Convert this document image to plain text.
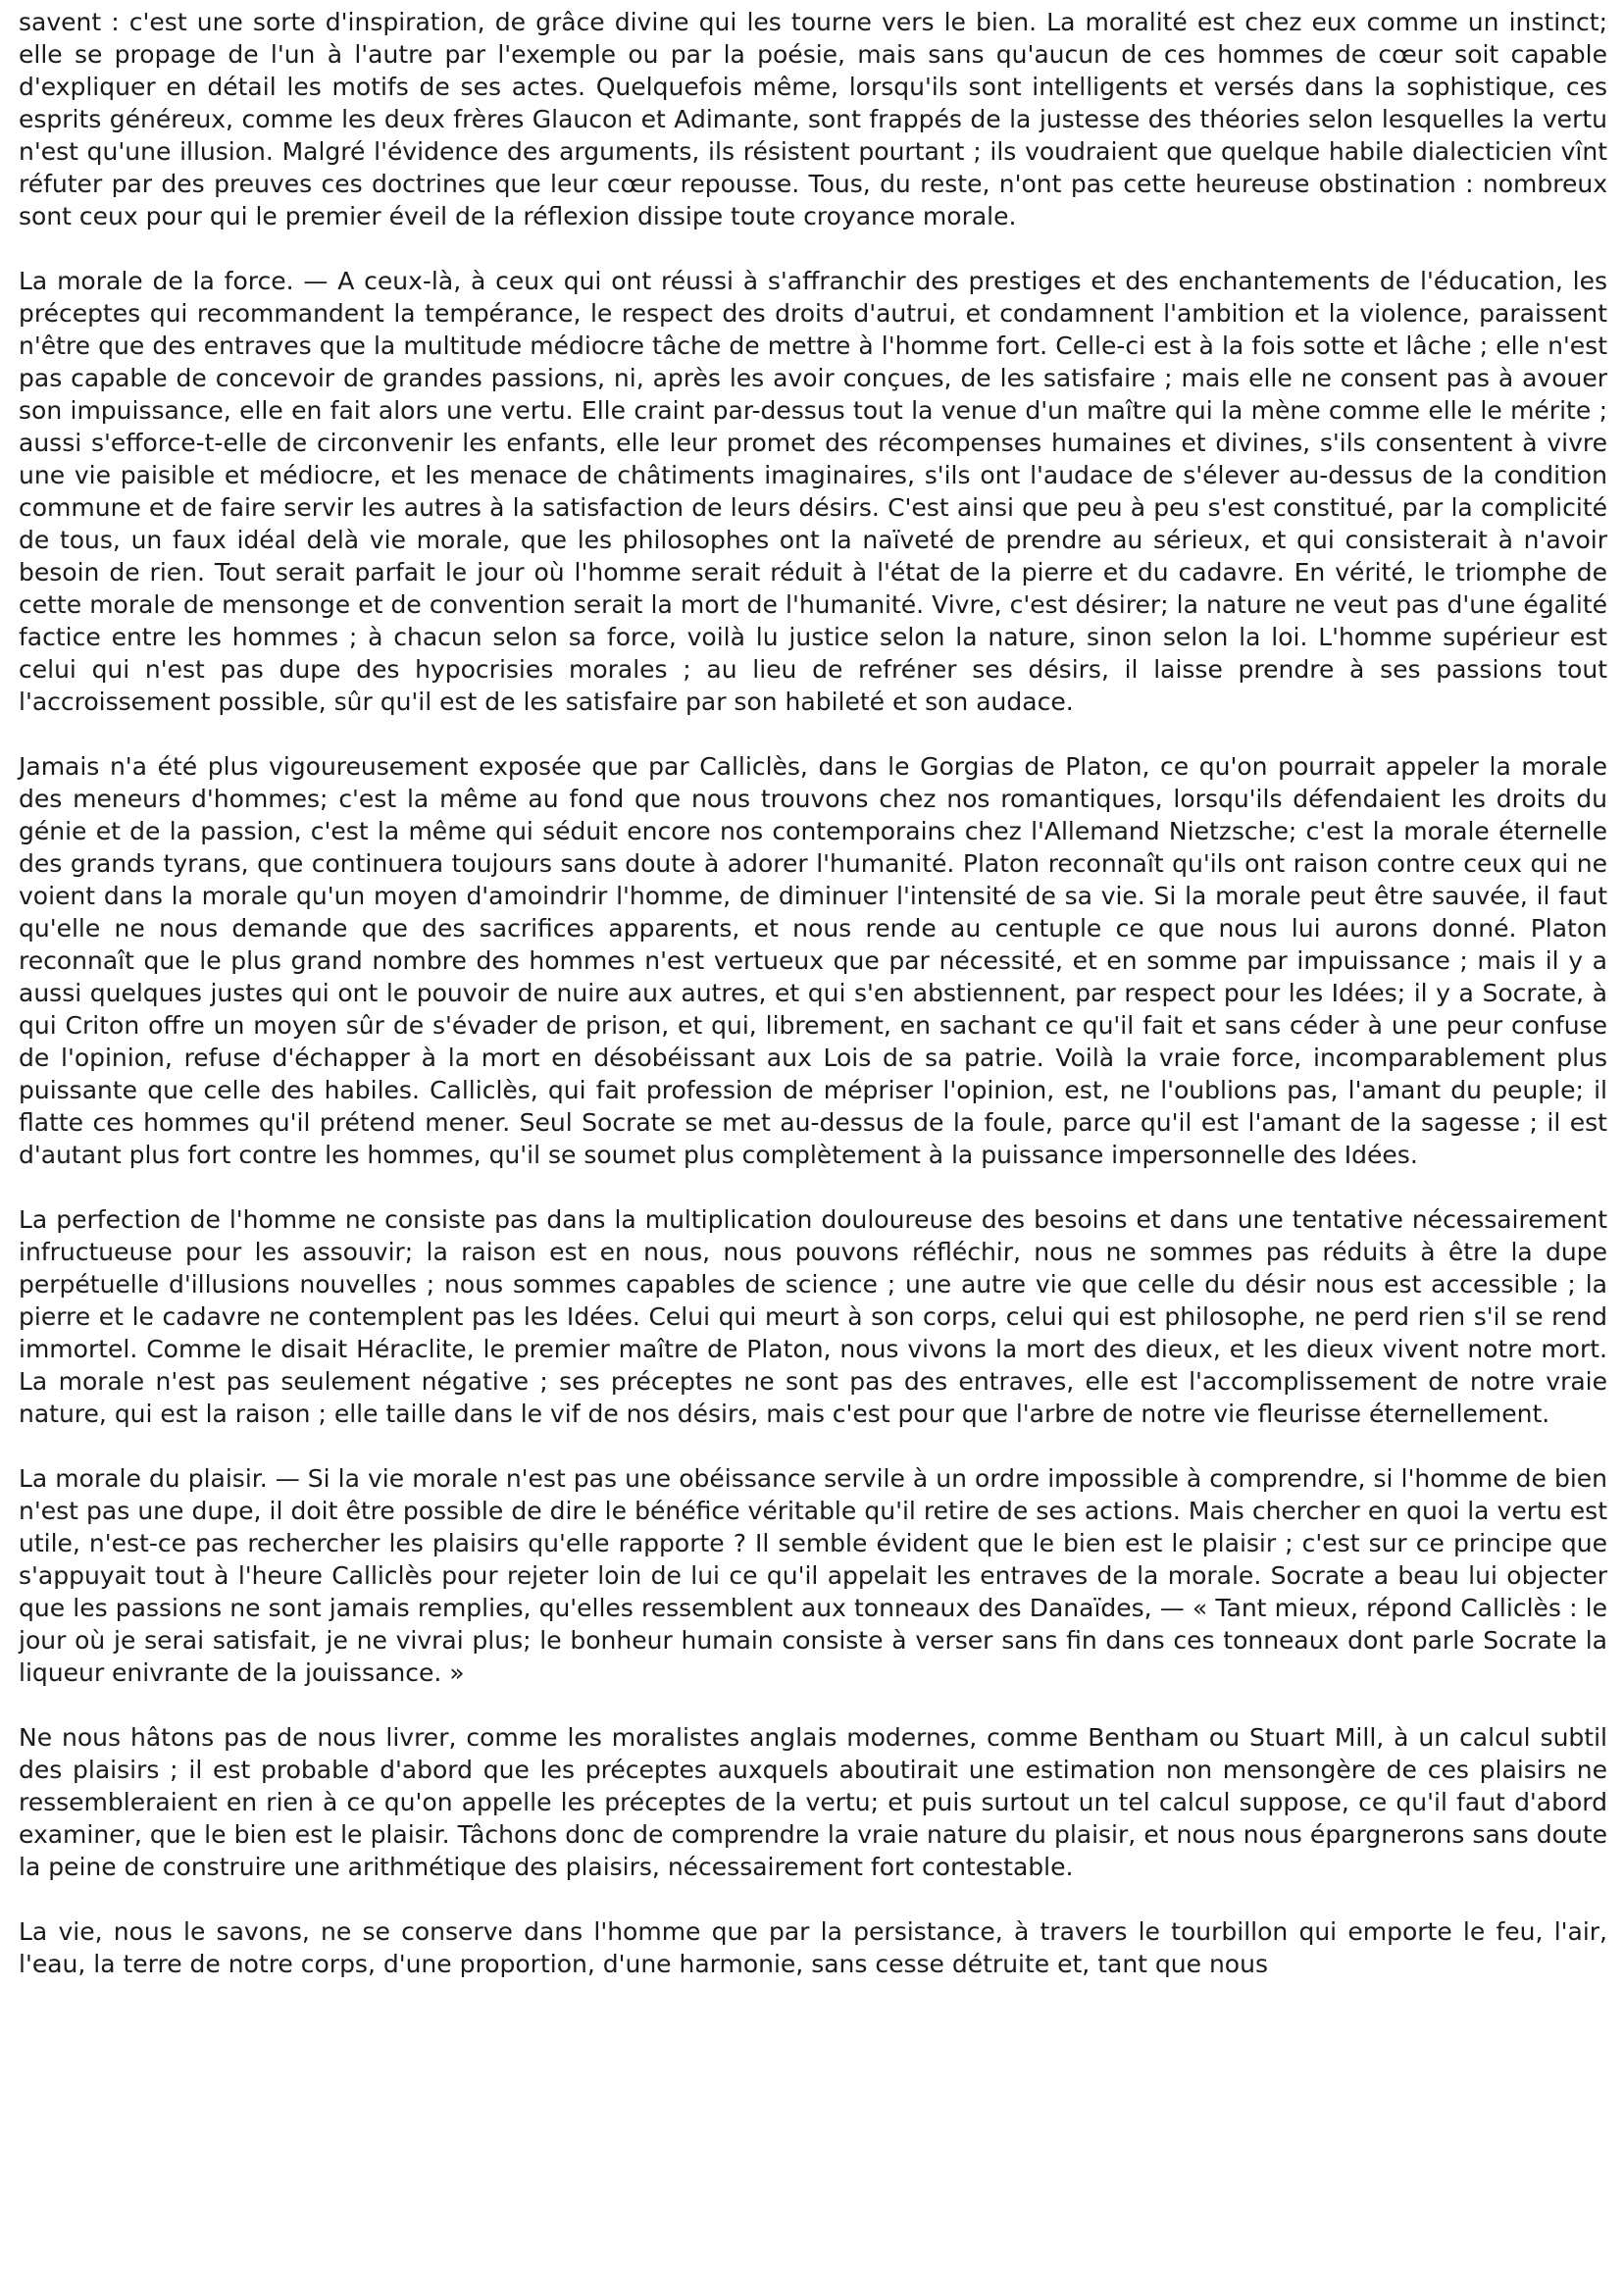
savent : c'est une sorte d'inspiration, de grâce divine qui les tourne vers le bien. La moralité est chez eux comme un instinct; elle se propage de l'un à l'autre par l'exemple ou par la poésie, mais sans qu'aucun de ces hommes de cœur soit capable d'expliquer en détail les motifs de ses actes. Quelquefois même, lorsqu'ils sont intelligents et versés dans la sophistique, ces esprits généreux, comme les deux frères Glaucon et Adimante, sont frappés de la justesse des théories selon lesquelles la vertu n'est qu'une illusion. Malgré l'évidence des arguments, ils résistent pourtant ; ils voudraient que quelque habile dialecticien vînt réfuter par des preuves ces doctrines que leur cœur repousse. Tous, du reste, n'ont pas cette heureuse obstination : nombreux sont ceux pour qui le premier éveil de la réflexion dissipe toute croyance morale.

La morale de la force. — A ceux-là, à ceux qui ont réussi à s'affranchir des prestiges et des enchantements de l'éducation, les préceptes qui recommandent la tempérance, le respect des droits d'autrui, et condamnent l'ambition et la violence, paraissent n'être que des entraves que la multitude médiocre tâche de mettre à l'homme fort. Celle-ci est à la fois sotte et lâche ; elle n'est pas capable de concevoir de grandes passions, ni, après les avoir conçues, de les satisfaire ; mais elle ne consent pas à avouer son impuissance, elle en fait alors une vertu. Elle craint par-dessus tout la venue d'un maître qui la mène comme elle le mérite ; aussi s'efforce-t-elle de circonvenir les enfants, elle leur promet des récompenses humaines et divines, s'ils consentent à vivre une vie paisible et médiocre, et les menace de châtiments imaginaires, s'ils ont l'audace de s'élever au-dessus de la condition commune et de faire servir les autres à la satisfaction de leurs désirs. C'est ainsi que peu à peu s'est constitué, par la complicité de tous, un faux idéal delà vie morale, que les philosophes ont la naïveté de prendre au sérieux, et qui consisterait à n'avoir besoin de rien. Tout serait parfait le jour où l'homme serait réduit à l'état de la pierre et du cadavre. En vérité, le triomphe de cette morale de mensonge et de convention serait la mort de l'humanité. Vivre, c'est désirer; la nature ne veut pas d'une égalité factice entre les hommes ; à chacun selon sa force, voilà lu justice selon la nature, sinon selon la loi. L'homme supérieur est celui qui n'est pas dupe des hypocrisies morales ; au lieu de refréner ses désirs, il laisse prendre à ses passions tout l'accroissement possible, sûr qu'il est de les satisfaire par son habileté et son audace.

Jamais n'a été plus vigoureusement exposée que par Calliclès, dans le Gorgias de Platon, ce qu'on pourrait appeler la morale des meneurs d'hommes; c'est la même au fond que nous trouvons chez nos romantiques, lorsqu'ils défendaient les droits du génie et de la passion, c'est la même qui séduit encore nos contemporains chez l'Allemand Nietzsche; c'est la morale éternelle des grands tyrans, que continuera toujours sans doute à adorer l'humanité. Platon reconnaît qu'ils ont raison contre ceux qui ne voient dans la morale qu'un moyen d'amoindrir l'homme, de diminuer l'intensité de sa vie. Si la morale peut être sauvée, il faut qu'elle ne nous demande que des sacrifices apparents, et nous rende au centuple ce que nous lui aurons donné. Platon reconnaît que le plus grand nombre des hommes n'est vertueux que par nécessité, et en somme par impuissance ; mais il y a aussi quelques justes qui ont le pouvoir de nuire aux autres, et qui s'en abstiennent, par respect pour les Idées; il y a Socrate, à qui Criton offre un moyen sûr de s'évader de prison, et qui, librement, en sachant ce qu'il fait et sans céder à une peur confuse de l'opinion, refuse d'échapper à la mort en désobéissant aux Lois de sa patrie. Voilà la vraie force, incomparablement plus puissante que celle des habiles. Calliclès, qui fait profession de mépriser l'opinion, est, ne l'oublions pas, l'amant du peuple; il flatte ces hommes qu'il prétend mener. Seul Socrate se met au-dessus de la foule, parce qu'il est l'amant de la sagesse ; il est d'autant plus fort contre les hommes, qu'il se soumet plus complètement à la puissance impersonnelle des Idées.

La perfection de l'homme ne consiste pas dans la multiplication douloureuse des besoins et dans une tentative nécessairement infructueuse pour les assouvir; la raison est en nous, nous pouvons réfléchir, nous ne sommes pas réduits à être la dupe perpétuelle d'illusions nouvelles ; nous sommes capables de science ; une autre vie que celle du désir nous est accessible ; la pierre et le cadavre ne contemplent pas les Idées. Celui qui meurt à son corps, celui qui est philosophe, ne perd rien s'il se rend immortel. Comme le disait Héraclite, le premier maître de Platon, nous vivons la mort des dieux, et les dieux vivent notre mort. La morale n'est pas seulement négative ; ses préceptes ne sont pas des entraves, elle est l'accomplissement de notre vraie nature, qui est la raison ; elle taille dans le vif de nos désirs, mais c'est pour que l'arbre de notre vie fleurisse éternellement.

La morale du plaisir. — Si la vie morale n'est pas une obéissance servile à un ordre impossible à comprendre, si l'homme de bien n'est pas une dupe, il doit être possible de dire le bénéfice véritable qu'il retire de ses actions. Mais chercher en quoi la vertu est utile, n'est-ce pas rechercher les plaisirs qu'elle rapporte ? Il semble évident que le bien est le plaisir ; c'est sur ce principe que s'appuyait tout à l'heure Calliclès pour rejeter loin de lui ce qu'il appelait les entraves de la morale. Socrate a beau lui objecter que les passions ne sont jamais remplies, qu'elles ressemblent aux tonneaux des Danaïdes, — « Tant mieux, répond Calliclès : le jour où je serai satisfait, je ne vivrai plus; le bonheur humain consiste à verser sans fin dans ces tonneaux dont parle Socrate la liqueur enivrante de la jouissance. »

Ne nous hâtons pas de nous livrer, comme les moralistes anglais modernes, comme Bentham ou Stuart Mill, à un calcul subtil des plaisirs ; il est probable d'abord que les préceptes auxquels aboutirait une estimation non mensongère de ces plaisirs ne ressembleraient en rien à ce qu'on appelle les préceptes de la vertu; et puis surtout un tel calcul suppose, ce qu'il faut d'abord examiner, que le bien est le plaisir. Tâchons donc de comprendre la vraie nature du plaisir, et nous nous épargnerons sans doute la peine de construire une arithmétique des plaisirs, nécessairement fort contestable.

La vie, nous le savons, ne se conserve dans l'homme que par la persistance, à travers le tourbillon qui emporte le feu, l'air, l'eau, la terre de notre corps, d'une proportion, d'une harmonie, sans cesse détruite et, tant que nous
